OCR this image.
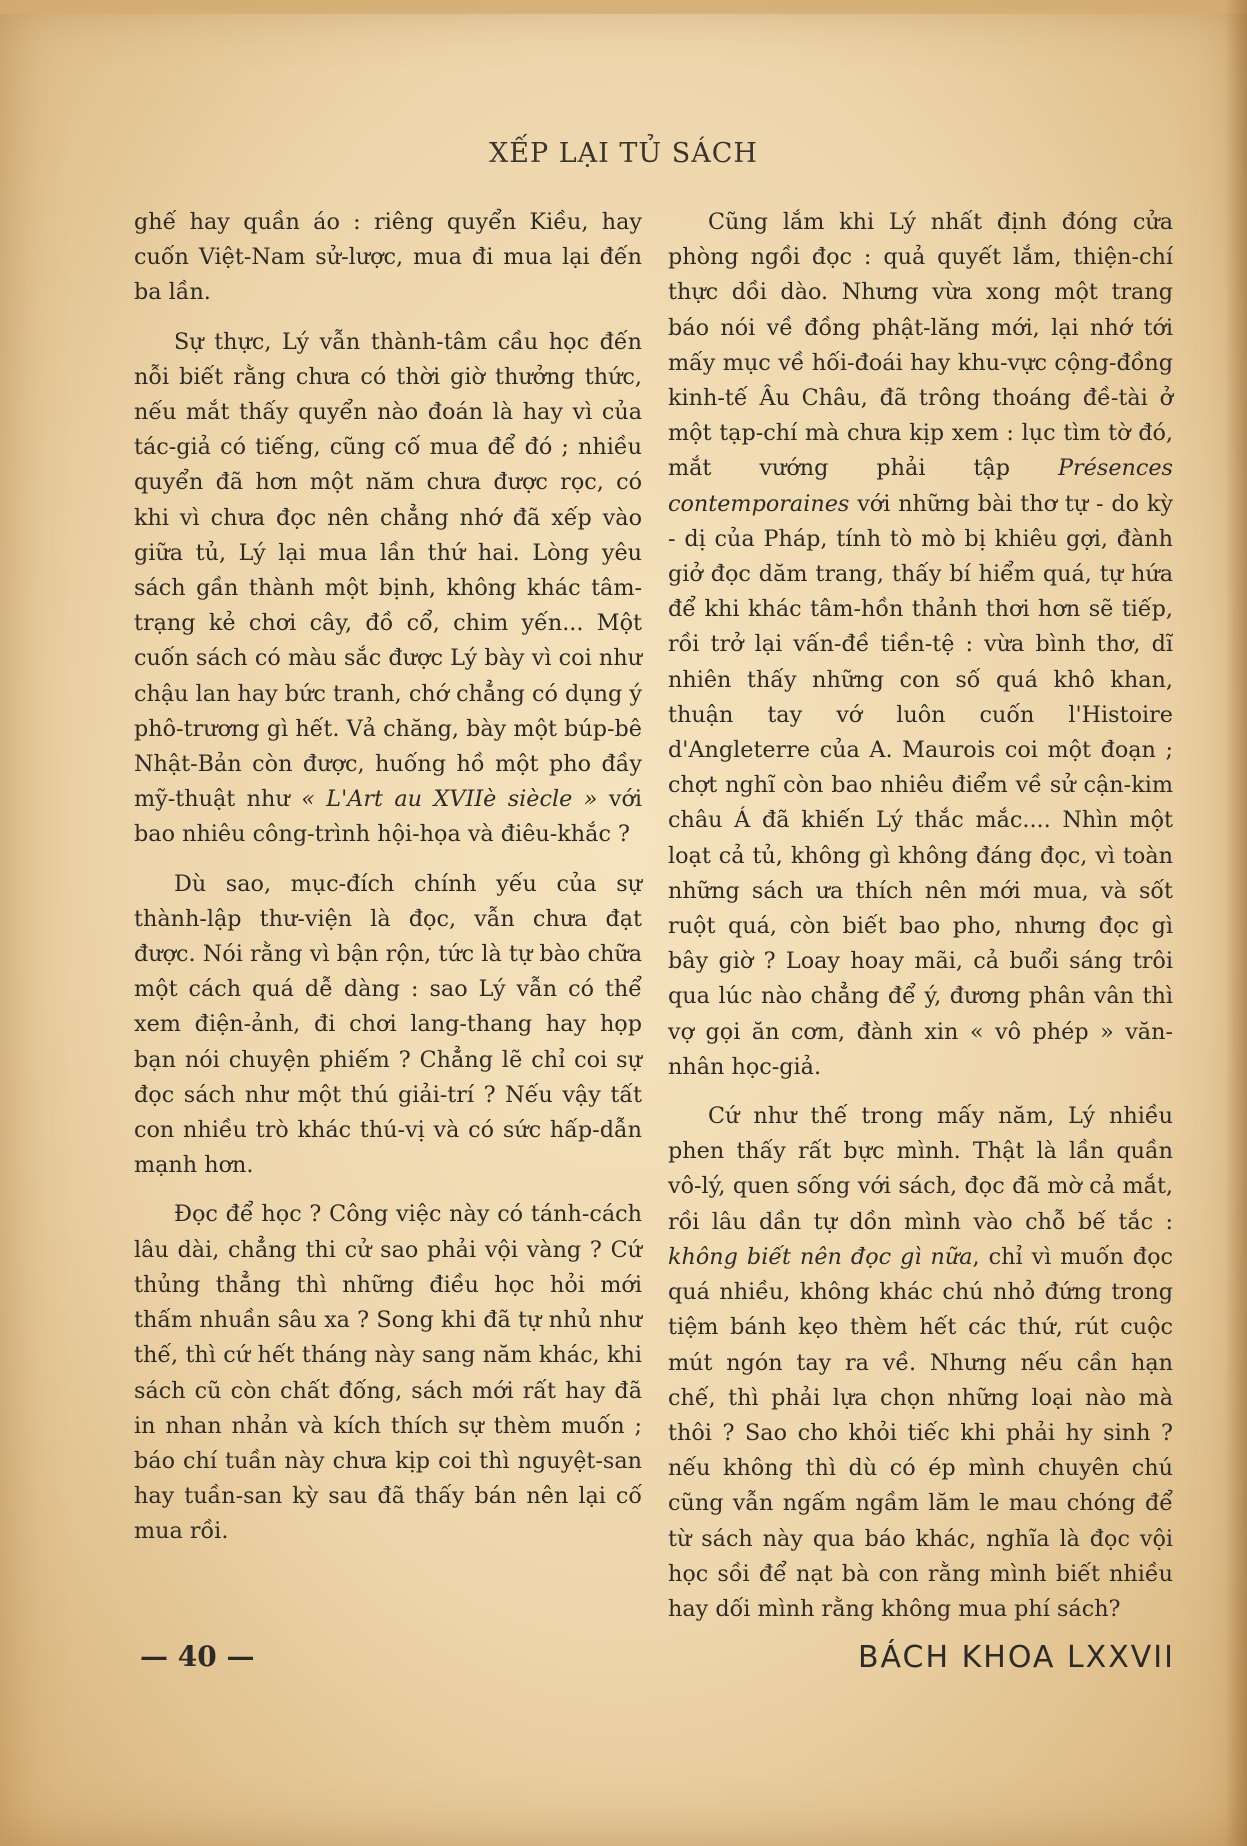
XẾP LẠI TỦ SÁCH

ghế hay quần áo : riêng quyển Kiều, hay cuốn Việt-Nam sử-lược, mua đi mua lại đến ba lần.

Sự thực, Lý vẫn thành-tâm cầu học đến nỗi biết rằng chưa có thời giờ thưởng thức, nếu mắt thấy quyển nào đoán là hay vì của tác-giả có tiếng, cũng cố mua để đó ; nhiều quyển đã hơn một năm chưa được rọc, có khi vì chưa đọc nên chẳng nhớ đã xếp vào giữa tủ, Lý lại mua lần thứ hai. Lòng yêu sách gần thành một bịnh, không khác tâm-trạng kẻ chơi cây, đồ cổ, chim yến... Một cuốn sách có màu sắc được Lý bày vì coi như chậu lan hay bức tranh, chớ chẳng có dụng ý phô-trương gì hết. Vả chăng, bày một búp-bê Nhật-Bản còn được, huống hồ một pho đầy mỹ-thuật như « L'Art au XVIIè siècle » với bao nhiêu công-trình hội-họa và điêu-khắc ?

Dù sao, mục-đích chính yếu của sự thành-lập thư-viện là đọc, vẫn chưa đạt được. Nói rằng vì bận rộn, tức là tự bào chữa một cách quá dễ dàng : sao Lý vẫn có thể xem điện-ảnh, đi chơi lang-thang hay họp bạn nói chuyện phiếm ? Chẳng lẽ chỉ coi sự đọc sách như một thú giải-trí ? Nếu vậy tất con nhiều trò khác thú-vị và có sức hấp-dẫn mạnh hơn.

Đọc để học ? Công việc này có tánh-cách lâu dài, chẳng thi cử sao phải vội vàng ? Cứ thủng thẳng thì những điều học hỏi mới thấm nhuần sâu xa ? Song khi đã tự nhủ như thế, thì cứ hết tháng này sang năm khác, khi sách cũ còn chất đống, sách mới rất hay đã in nhan nhản và kích thích sự thèm muốn ; báo chí tuần này chưa kịp coi thì nguyệt-san hay tuần-san kỳ sau đã thấy bán nên lại cố mua rồi.

Cũng lắm khi Lý nhất định đóng cửa phòng ngồi đọc : quả quyết lắm, thiện-chí thực dồi dào. Nhưng vừa xong một trang báo nói về đồng phật-lăng mới, lại nhớ tới mấy mục về hối-đoái hay khu-vực cộng-đồng kinh-tế Âu Châu, đã trông thoáng đề-tài ở một tạp-chí mà chưa kịp xem : lục tìm tờ đó, mắt vướng phải tập Présences contemporaines với những bài thơ tự - do kỳ - dị của Pháp, tính tò mò bị khiêu gợi, đành giở đọc dăm trang, thấy bí hiểm quá, tự hứa để khi khác tâm-hồn thảnh thơi hơn sẽ tiếp, rồi trở lại vấn-đề tiền-tệ : vừa bình thơ, dĩ nhiên thấy những con số quá khô khan, thuận tay vớ luôn cuốn l'Histoire d'Angleterre của A. Maurois coi một đoạn ; chợt nghĩ còn bao nhiêu điểm về sử cận-kim châu Á đã khiến Lý thắc mắc.... Nhìn một loạt cả tủ, không gì không đáng đọc, vì toàn những sách ưa thích nên mới mua, và sốt ruột quá, còn biết bao pho, nhưng đọc gì bây giờ ? Loay hoay mãi, cả buổi sáng trôi qua lúc nào chẳng để ý, đương phân vân thì vợ gọi ăn cơm, đành xin « vô phép » văn-nhân học-giả.

Cứ như thế trong mấy năm, Lý nhiều phen thấy rất bực mình. Thật là lần quần vô-lý, quen sống với sách, đọc đã mờ cả mắt, rồi lâu dần tự dồn mình vào chỗ bế tắc : không biết nên đọc gì nữa, chỉ vì muốn đọc quá nhiều, không khác chú nhỏ đứng trong tiệm bánh kẹo thèm hết các thứ, rút cuộc mút ngón tay ra về. Nhưng nếu cần hạn chế, thì phải lựa chọn những loại nào mà thôi ? Sao cho khỏi tiếc khi phải hy sinh ? nếu không thì dù có ép mình chuyên chú cũng vẫn ngấm ngầm lăm le mau chóng để từ sách này qua báo khác, nghĩa là đọc vội học sồi để nạt bà con rằng mình biết nhiều hay dối mình rằng không mua phí sách?

— 40 —	BÁCH KHOA LXXVII
